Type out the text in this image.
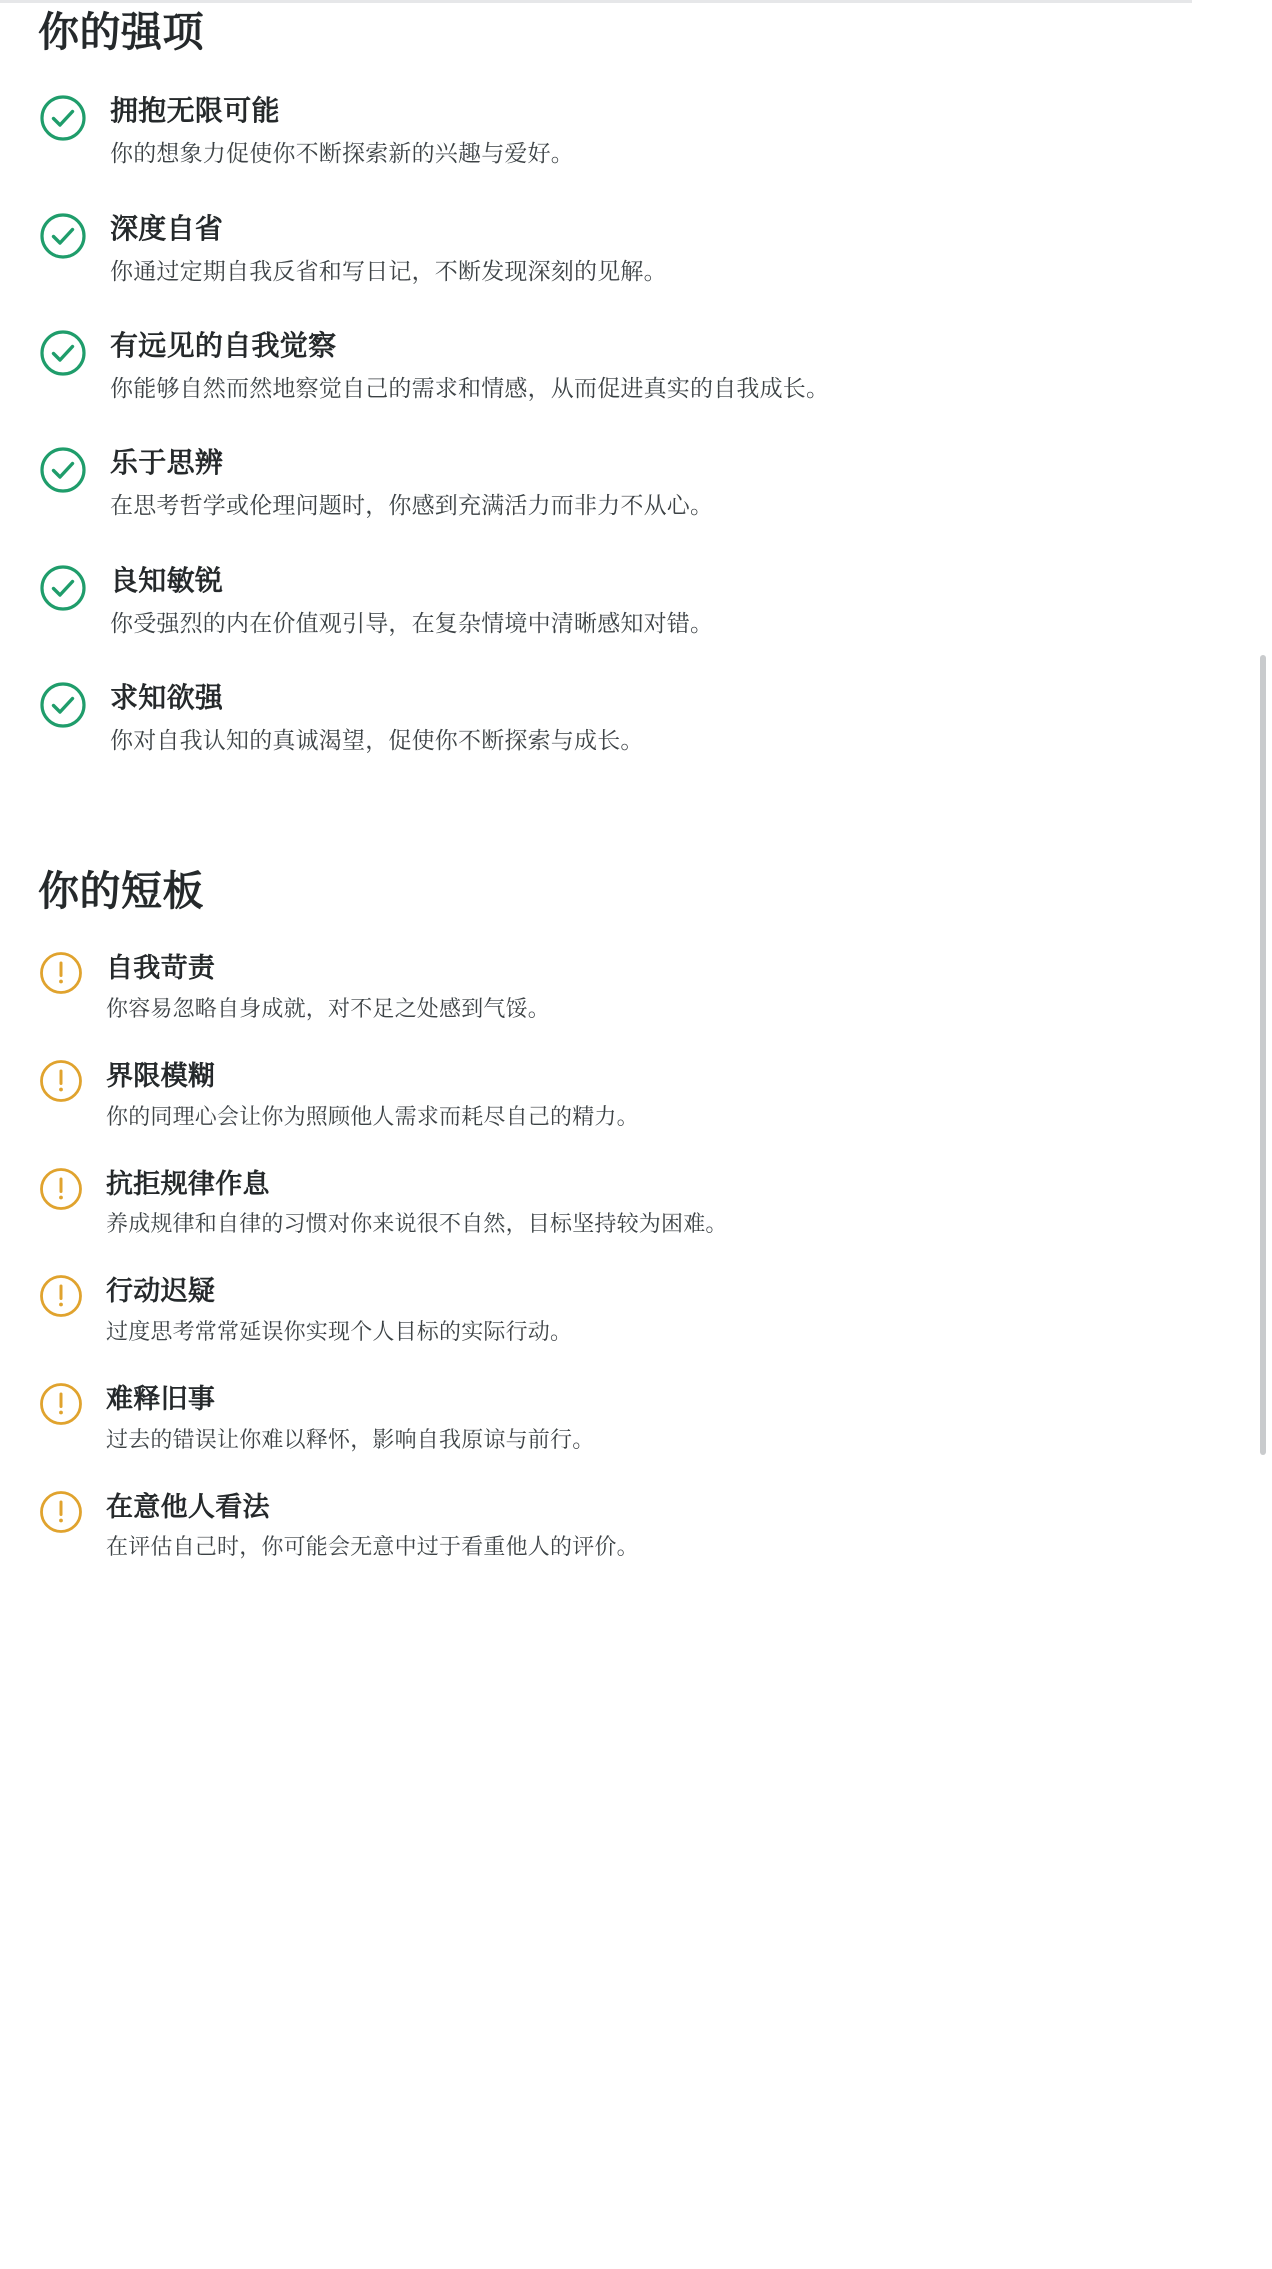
你的强项

拥抱无限可能

你的想象力促使你不断探索新的兴趣与爱好。

深度自省

你通过定期自我反省和写日记，不断发现深刻的见解。

有远见的自我觉察

你能够自然而然地察觉自己的需求和情感，从而促进真实的自我成长。

乐于思辨

在思考哲学或伦理问题时，你感到充满活力而非力不从心。

良知敏锐

你受强烈的内在价值观引导，在复杂情境中清晰感知对错。

求知欲强

你对自我认知的真诚渴望，促使你不断探索与成长。

你的短板

自我苛责

你容易忽略自身成就，对不足之处感到气馁。

界限模糊

你的同理心会让你为照顾他人需求而耗尽自己的精力。

抗拒规律作息

养成规律和自律的习惯对你来说很不自然，目标坚持较为困难。

行动迟疑

过度思考常常延误你实现个人目标的实际行动。

难释旧事

过去的错误让你难以释怀，影响自我原谅与前行。

在意他人看法

在评估自己时，你可能会无意中过于看重他人的评价。
